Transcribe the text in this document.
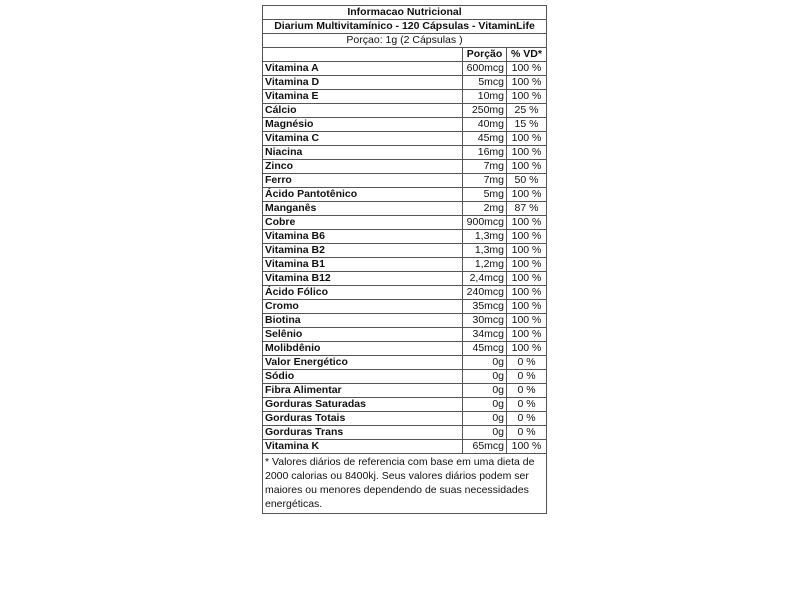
Informacao Nutricional		
Diarium Multivitamínico - 120 Cápsulas - VitaminLife		
Porçao: 1g (2 Cápsulas )		
	Porção	% VD*
Vitamina A	600mcg	100 %
Vitamina D	5mcg	100 %
Vitamina E	10mg	100 %
Cálcio	250mg	25 %
Magnésio	40mg	15 %
Vitamina C	45mg	100 %
Niacina	16mg	100 %
Zinco	7mg	100 %
Ferro	7mg	50 %
Ácido Pantotênico	5mg	100 %
Manganês	2mg	87 %
Cobre	900mcg	100 %
Vitamina B6	1,3mg	100 %
Vitamina B2	1,3mg	100 %
Vitamina B1	1,2mg	100 %
Vitamina B12	2,4mcg	100 %
Ácido Fólico	240mcg	100 %
Cromo	35mcg	100 %
Biotina	30mcg	100 %
Selênio	34mcg	100 %
Molibdênio	45mcg	100 %
Valor Energético	0g	0 %
Sódio	0g	0 %
Fibra Alimentar	0g	0 %
Gorduras Saturadas	0g	0 %
Gorduras Totais	0g	0 %
Gorduras Trans	0g	0 %
Vitamina K	65mcg	100 %
* Valores diários de referencia com base em uma dieta de 2000 calorias ou 8400kj. Seus valores diários podem ser maiores ou menores dependendo de suas necessidades energéticas.		
